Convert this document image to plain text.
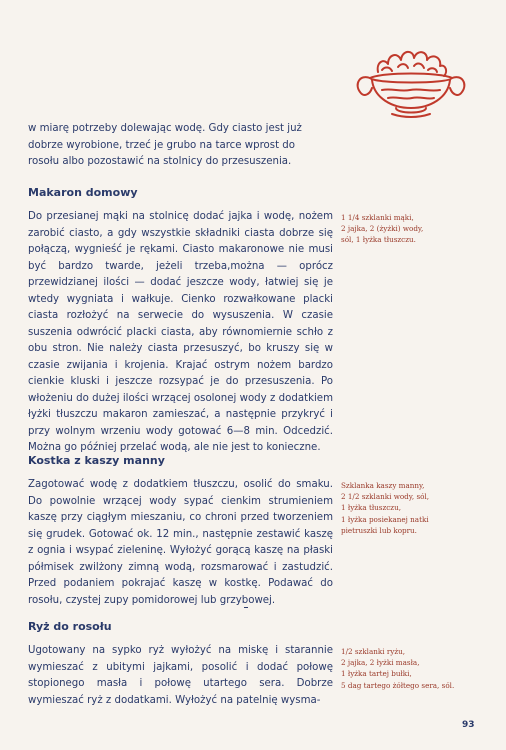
w miarę potrzeby dolewając wodę. Gdy ciasto jest już

dobrze wyrobione, trzeć je grubo na tarce wprost do

rosołu albo pozostawić na stolnicy do przesuszenia.

Makaron domowy

Do przesianej mąki na stolnicę dodać jajka i wodę, nożem zarobić ciasto, a gdy wszystkie składniki ciasta dobrze się połączą, wygnieść je rękami. Ciasto makaronowe nie musi być bardzo twarde, jeżeli trzeba,można — oprócz przewidzianej ilości — dodać jeszcze wody, łatwiej się je wtedy wygniata i wałkuje. Cienko rozwałkowane placki ciasta rozłożyć na serwecie do wysuszenia. W czasie suszenia odwrócić placki ciasta, aby równomiernie schło z obu stron. Nie należy ciasta przesuszyć, bo kruszy się w czasie zwijania i krojenia. Krajać ostrym nożem bardzo cienkie kluski i jeszcze rozsypać je do przesuszenia. Po włożeniu do dużej ilości wrzącej osolonej wody z dodatkiem łyżki tłuszczu makaron zamieszać, a następnie przykryć i przy wolnym wrzeniu wody gotować 6—8 min. Odcedzić. Można go później przelać wodą, ale nie jest to konieczne.

1 1/4 szklanki mąki,
2 jajka, 2 (żyżki) wody,
sól, 1 łyżka tłuszczu.
Kostka z kaszy manny

Zagotować wodę z dodatkiem tłuszczu, osolić do smaku. Do powolnie wrzącej wody sypać cienkim strumieniem kaszę przy ciągłym mieszaniu, co chroni przed tworzeniem się grudek. Gotować ok. 12 min., następnie zestawić kaszę z ognia i wsypać zieleninę. Wyłożyć gorącą kaszę na płaski półmisek zwilżony zimną wodą, rozsmarować i zastudzić. Przed podaniem pokrajać kaszę w kostkę. Podawać do rosołu, czystej zupy pomidorowej lub grzybowej.

Szklanka kaszy manny,
2 1/2 szklanki wody, sól,
1 łyżka tłuszczu,
1 łyżka posiekanej natki
pietruszki lub kopru.
Ryż do rosołu

Ugotowany na sypko ryż wyłożyć na miskę i starannie wymieszać z ubitymi jajkami, posolić i dodać połowę stopionego masła i połowę utartego sera. Dobrze wymieszać ryż z dodatkami. Wyłożyć na patelnię wysma-

1/2 szklanki ryżu,
2 jajka, 2 łyżki masła,
1 łyżka tartej bułki,
5 dag tartego żółtego sera, sól.
93
